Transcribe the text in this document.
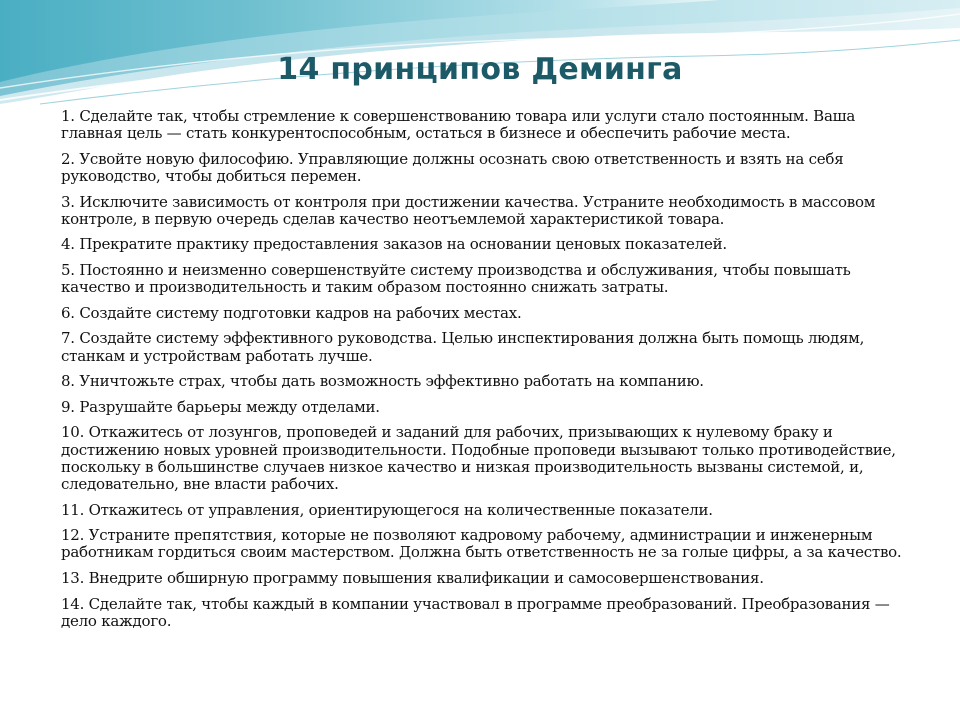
14 принципов Деминга
1. Сделайте так, чтобы стремление к совершенствованию товара или услуги стало постоянным. Ваша главная цель — стать конкурентоспособным, остаться в бизнесе и обеспечить рабочие места.
2. Усвойте новую философию. Управляющие должны осознать свою ответственность и взять на себя руководство, чтобы добиться перемен.
3. Исключите зависимость от контроля при достижении качества. Устраните необходимость в массовом контроле, в первую очередь сделав качество неотъемлемой характеристикой товара.
4. Прекратите практику предоставления заказов на основании ценовых показателей.
5. Постоянно и неизменно совершенствуйте систему производства и обслуживания, чтобы повышать качество и производительность и таким образом постоянно снижать затраты.
6. Создайте систему подготовки кадров на рабочих местах.
7. Создайте систему эффективного руководства. Целью инспектирования должна быть помощь людям, станкам и устройствам работать лучше.
8. Уничтожьте страх, чтобы дать возможность эффективно работать на компанию.
9. Разрушайте барьеры между отделами.
10. Откажитесь от лозунгов, проповедей и заданий для рабочих, призывающих к нулевому браку и достижению новых уровней производительности. Подобные проповеди вызывают только противодействие, поскольку в большинстве случаев низкое качество и низкая производительность вызваны системой, и, следовательно, вне власти рабочих.
11. Откажитесь от управления, ориентирующегося на количественные показатели.
12. Устраните препятствия, которые не позволяют кадровому рабочему, администрации и инженерным работникам гордиться своим мастерством. Должна быть ответственность не за голые цифры, а за качество.
13. Внедрите обширную программу повышения квалификации и самосовершенствования.
14. Сделайте так, чтобы каждый в компании участвовал в программе преобразований. Преобразования —дело каждого.
